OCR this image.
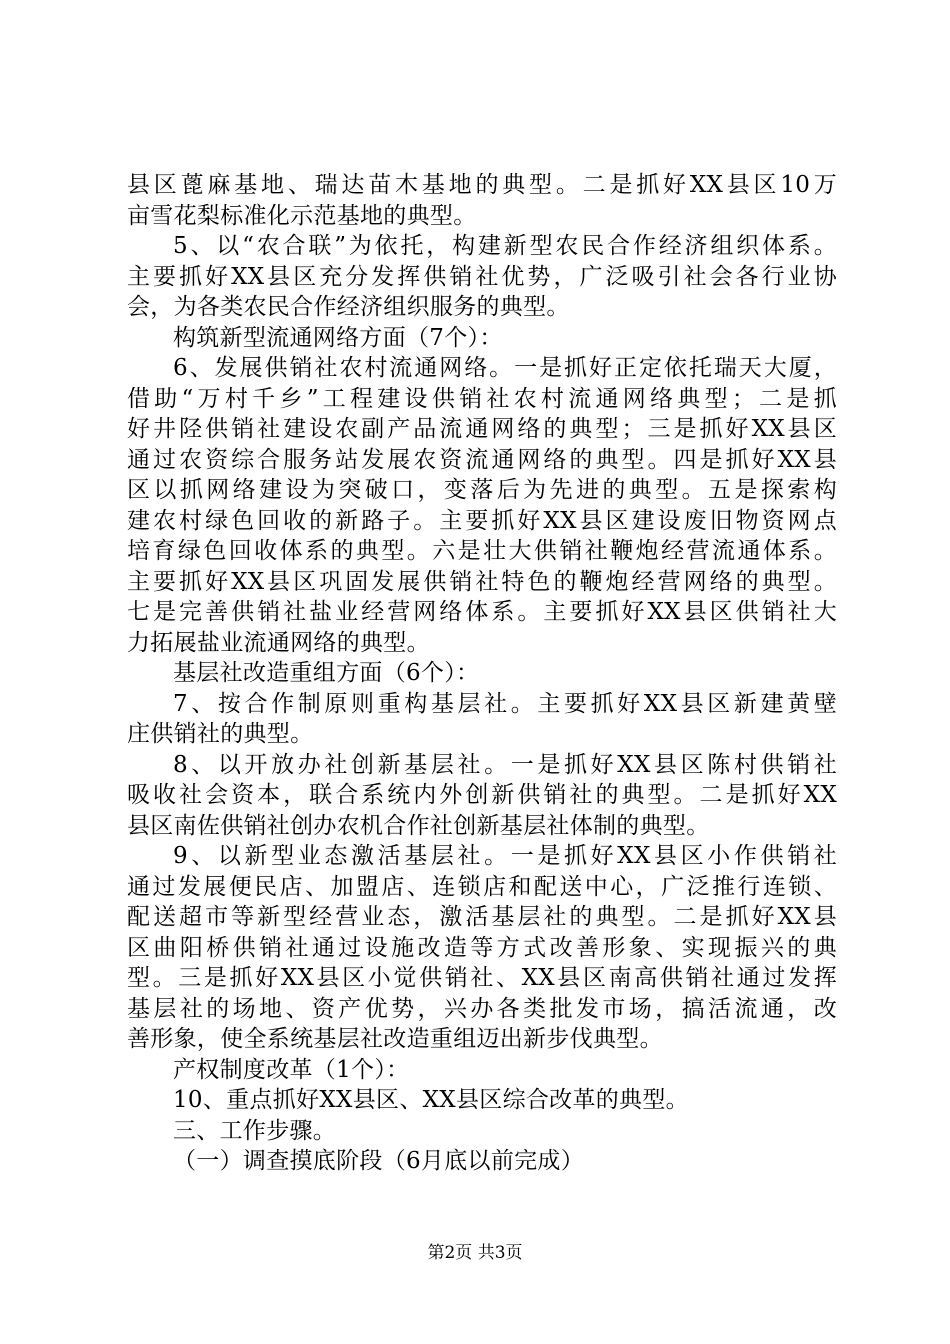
县区蓖麻基地、瑞达苗木基地的典型。二是抓好XX县区10万
亩雪花梨标准化示范基地的典型。
5、以“农合联”为依托，构建新型农民合作经济组织体系。
主要抓好XX县区充分发挥供销社优势，广泛吸引社会各行业协
会，为各类农民合作经济组织服务的典型。
构筑新型流通网络方面（7个）：
6、发展供销社农村流通网络。一是抓好正定依托瑞天大厦，
借助“万村千乡”工程建设供销社农村流通网络典型；二是抓
好井陉供销社建设农副产品流通网络的典型；三是抓好XX县区
通过农资综合服务站发展农资流通网络的典型。四是抓好XX县
区以抓网络建设为突破口，变落后为先进的典型。五是探索构
建农村绿色回收的新路子。主要抓好XX县区建设废旧物资网点
培育绿色回收体系的典型。六是壮大供销社鞭炮经营流通体系。
主要抓好XX县区巩固发展供销社特色的鞭炮经营网络的典型。
七是完善供销社盐业经营网络体系。主要抓好XX县区供销社大
力拓展盐业流通网络的典型。
基层社改造重组方面（6个）：
7、按合作制原则重构基层社。主要抓好XX县区新建黄壁
庄供销社的典型。
8、以开放办社创新基层社。一是抓好XX县区陈村供销社
吸收社会资本，联合系统内外创新供销社的典型。二是抓好XX
县区南佐供销社创办农机合作社创新基层社体制的典型。
9、以新型业态激活基层社。一是抓好XX县区小作供销社
通过发展便民店、加盟店、连锁店和配送中心，广泛推行连锁、
配送超市等新型经营业态，激活基层社的典型。二是抓好XX县
区曲阳桥供销社通过设施改造等方式改善形象、实现振兴的典
型。三是抓好XX县区小觉供销社、XX县区南高供销社通过发挥
基层社的场地、资产优势，兴办各类批发市场，搞活流通，改
善形象，使全系统基层社改造重组迈出新步伐典型。
产权制度改革（1个）：
10、重点抓好XX县区、XX县区综合改革的典型。
三、工作步骤。
（一）调查摸底阶段（6月底以前完成）
第2页 共3页
